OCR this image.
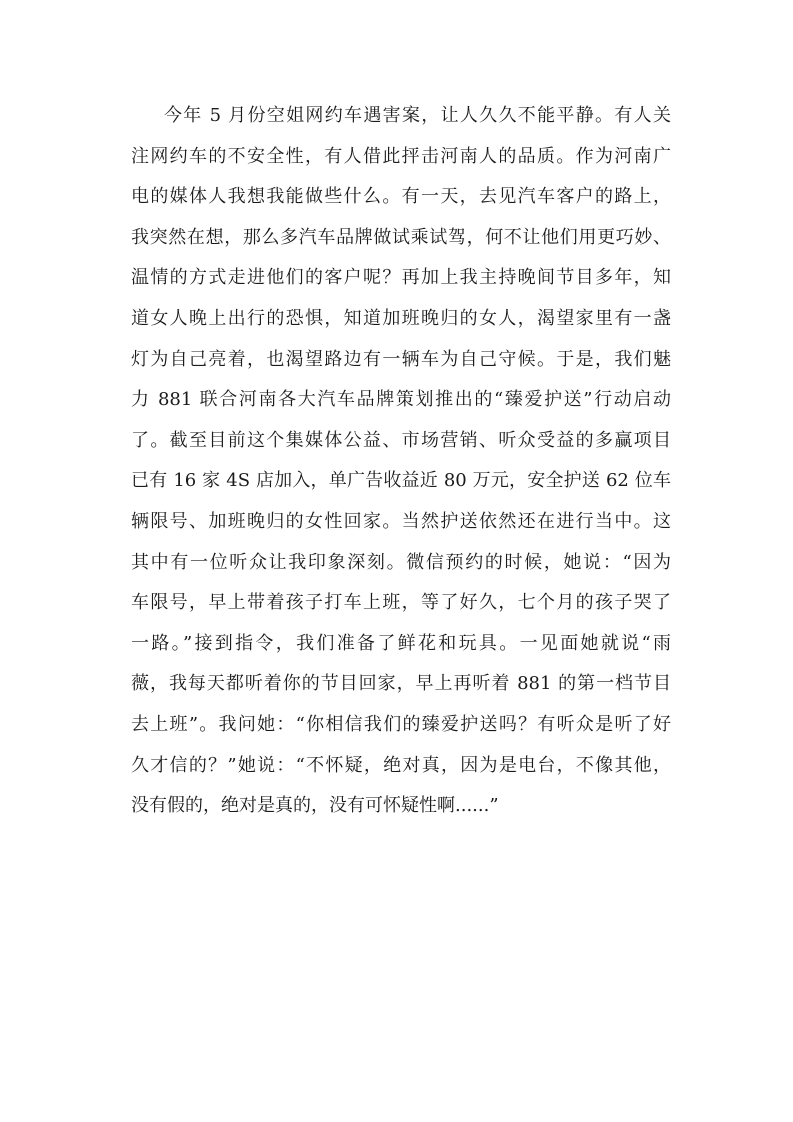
今年 5 月份空姐网约车遇害案，让人久久不能平静。有人关
注网约车的不安全性，有人借此抨击河南人的品质。作为河南广
电的媒体人我想我能做些什么。有一天，去见汽车客户的路上，
我突然在想，那么多汽车品牌做试乘试驾，何不让他们用更巧妙、
温情的方式走进他们的客户呢？再加上我主持晚间节目多年，知
道女人晚上出行的恐惧，知道加班晚归的女人，渴望家里有一盏
灯为自己亮着，也渴望路边有一辆车为自己守候。于是，我们魅
力 881 联合河南各大汽车品牌策划推出的“臻爱护送”行动启动
了。截至目前这个集媒体公益、市场营销、听众受益的多赢项目
已有 16 家 4S 店加入，单广告收益近 80 万元，安全护送 62 位车
辆限号、加班晚归的女性回家。当然护送依然还在进行当中。这
其中有一位听众让我印象深刻。微信预约的时候，她说：“因为
车限号，早上带着孩子打车上班，等了好久，七个月的孩子哭了
一路。”接到指令，我们准备了鲜花和玩具。一见面她就说“雨
薇，我每天都听着你的节目回家，早上再听着 881 的第一档节目
去上班”。我问她：“你相信我们的臻爱护送吗？有听众是听了好
久才信的？”她说：“不怀疑，绝对真，因为是电台，不像其他，
没有假的，绝对是真的，没有可怀疑性啊......”
